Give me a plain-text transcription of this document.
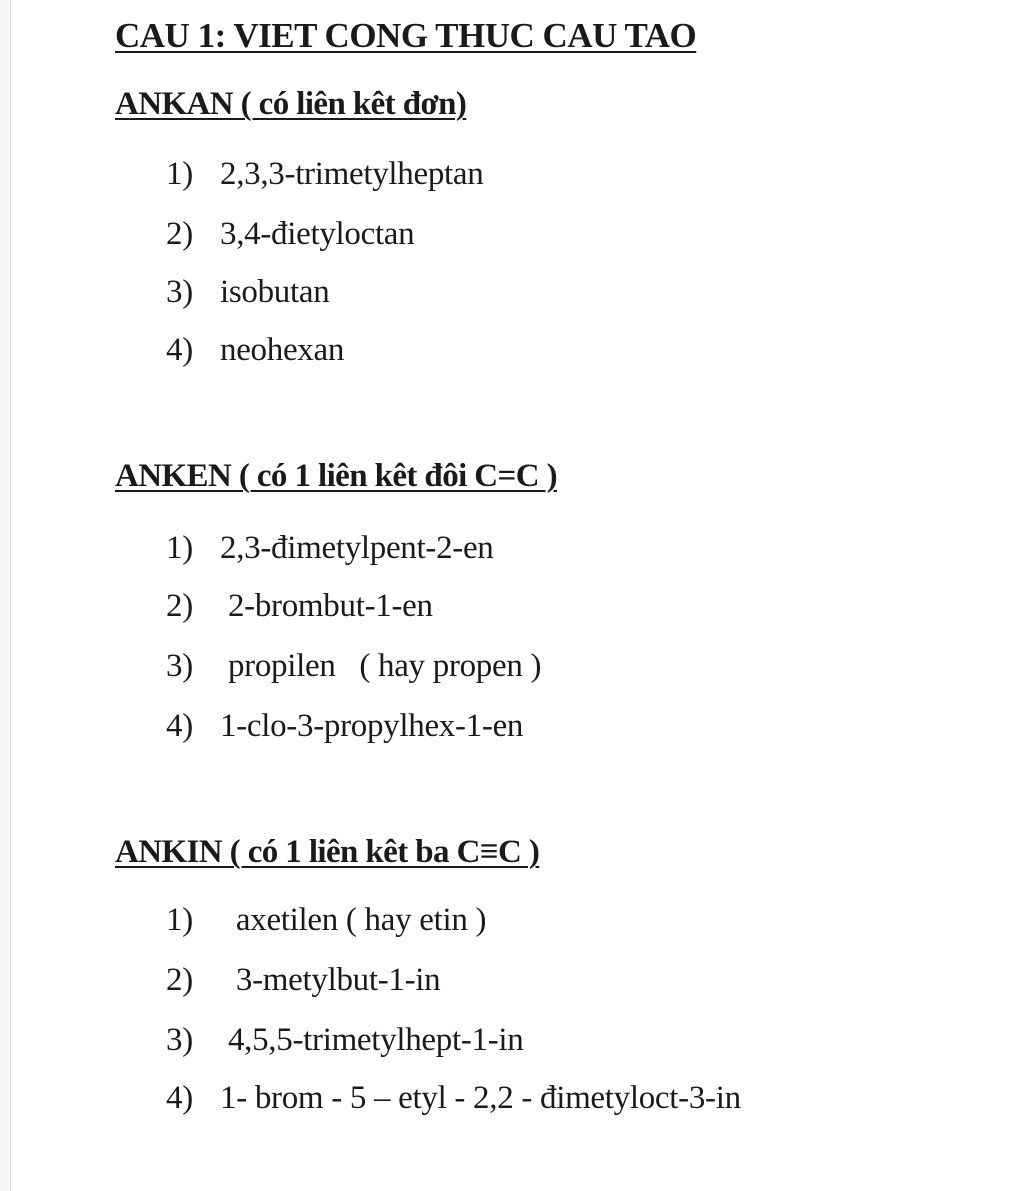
CAU 1: VIET CONG THUC CAU TAO
ANKAN ( có liên kêt đơn)
1) 2,3,3-trimetylheptan
2) 3,4-đietyloctan
3) isobutan
4) neohexan
ANKEN ( có 1 liên kêt đôi C=C )
1) 2,3-đimetylpent-2-en
2) 2-brombut-1-en
3) propilen   ( hay propen )
4) 1-clo-3-propylhex-1-en
ANKIN ( có 1 liên kêt ba C≡C )
1)  axetilen ( hay etin )
2)  3-metylbut-1-in
3) 4,5,5-trimetylhept-1-in
4) 1- brom - 5 – etyl - 2,2 - đimetyloct-3-in
